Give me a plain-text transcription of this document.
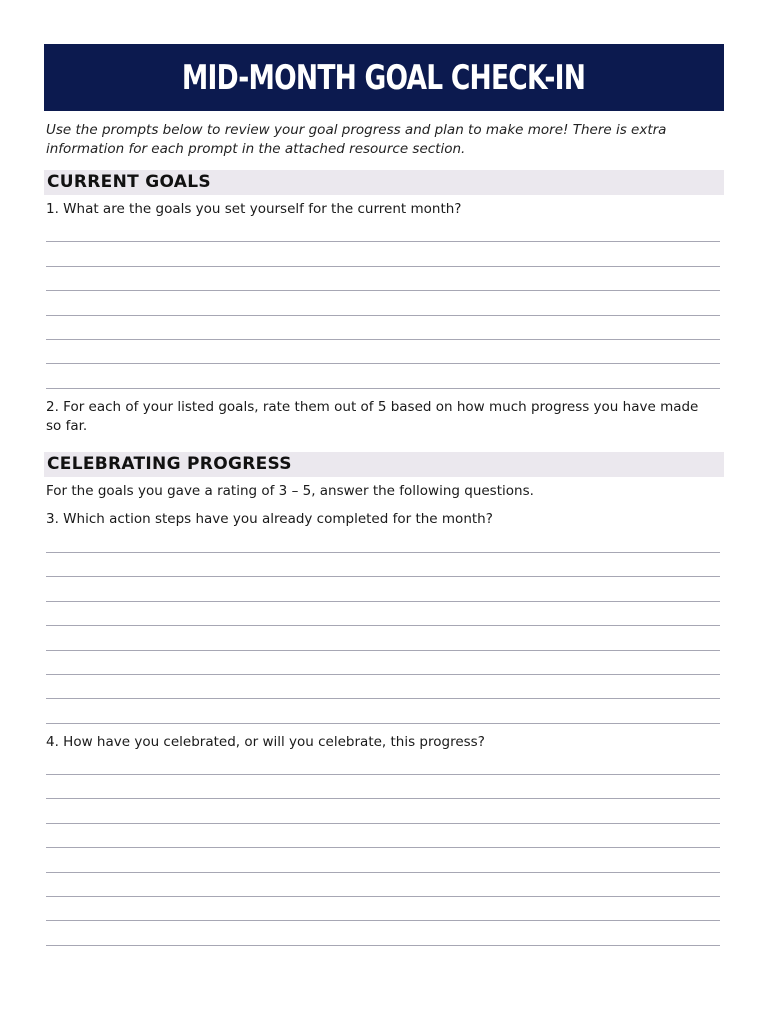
MID-MONTH GOAL CHECK-IN
Use the prompts below to review your goal progress and plan to make more! There is extra information for each prompt in the attached resource section.
CURRENT GOALS
1. What are the goals you set yourself for the current month?
2. For each of your listed goals, rate them out of 5 based on how much progress you have made so far.
CELEBRATING PROGRESS
For the goals you gave a rating of 3 – 5, answer the following questions.
3. Which action steps have you already completed for the month?
4. How have you celebrated, or will you celebrate, this progress?
